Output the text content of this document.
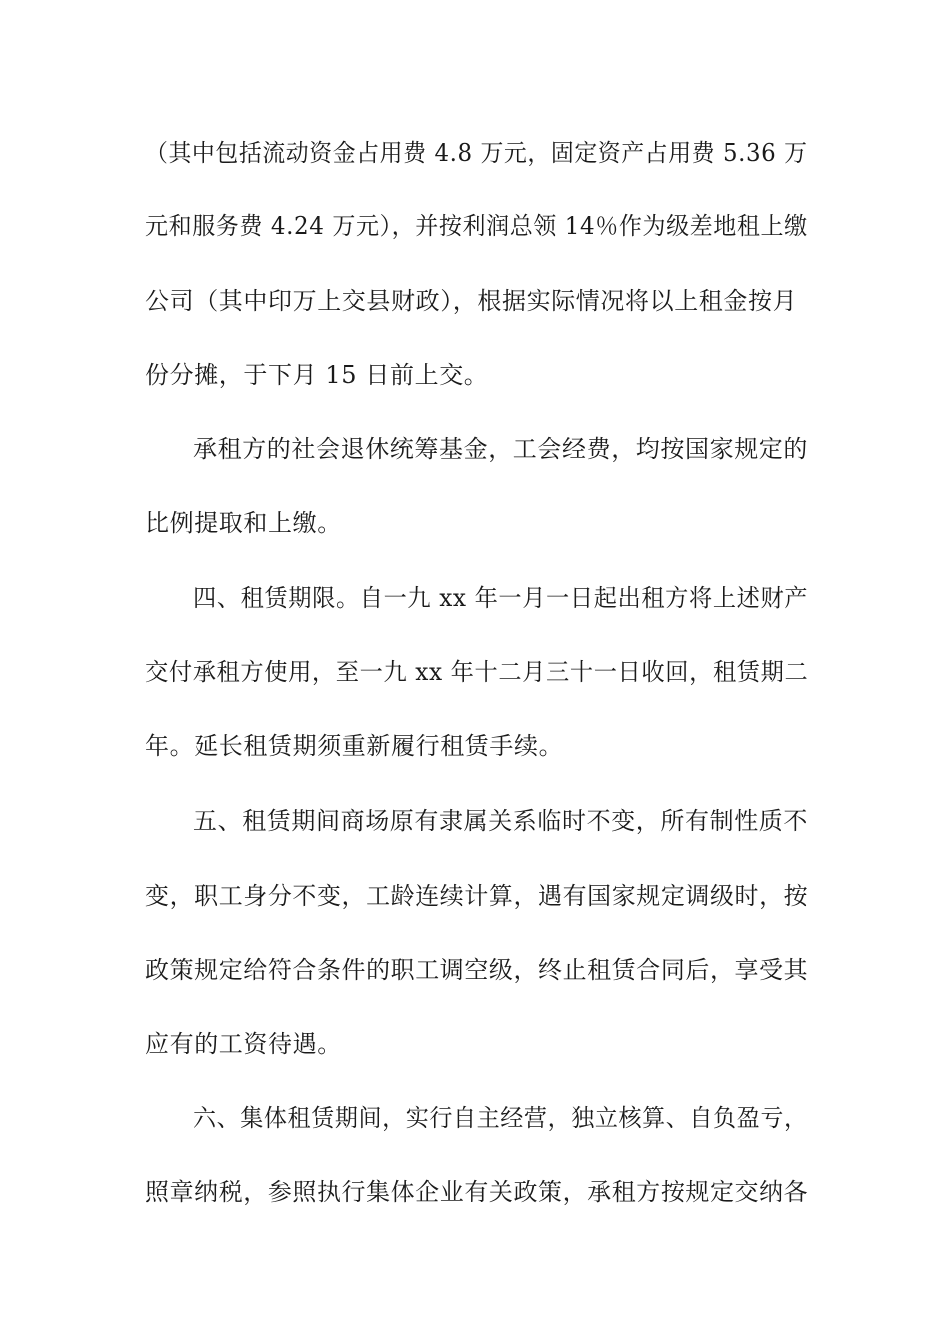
（其中包括流动资金占用费 4.8 万元，固定资产占用费 5.36 万

元和服务费 4.24 万元），并按利润总领 14％作为级差地租上缴

公司（其中印万上交县财政），根据实际情况将以上租金按月

份分摊，于下月 15 日前上交。

承租方的社会退休统筹基金，工会经费，均按国家规定的

比例提取和上缴。

四、租赁期限。自一九 xx 年一月一日起出租方将上述财产

交付承租方使用，至一九 xx 年十二月三十一日收回，租赁期二

年。延长租赁期须重新履行租赁手续。

五、租赁期间商场原有隶属关系临时不变，所有制性质不

变，职工身分不变，工龄连续计算，遇有国家规定调级时，按

政策规定给符合条件的职工调空级，终止租赁合同后，享受其

应有的工资待遇。

六、集体租赁期间，实行自主经营，独立核算、自负盈亏，

照章纳税，参照执行集体企业有关政策，承租方按规定交纳各
